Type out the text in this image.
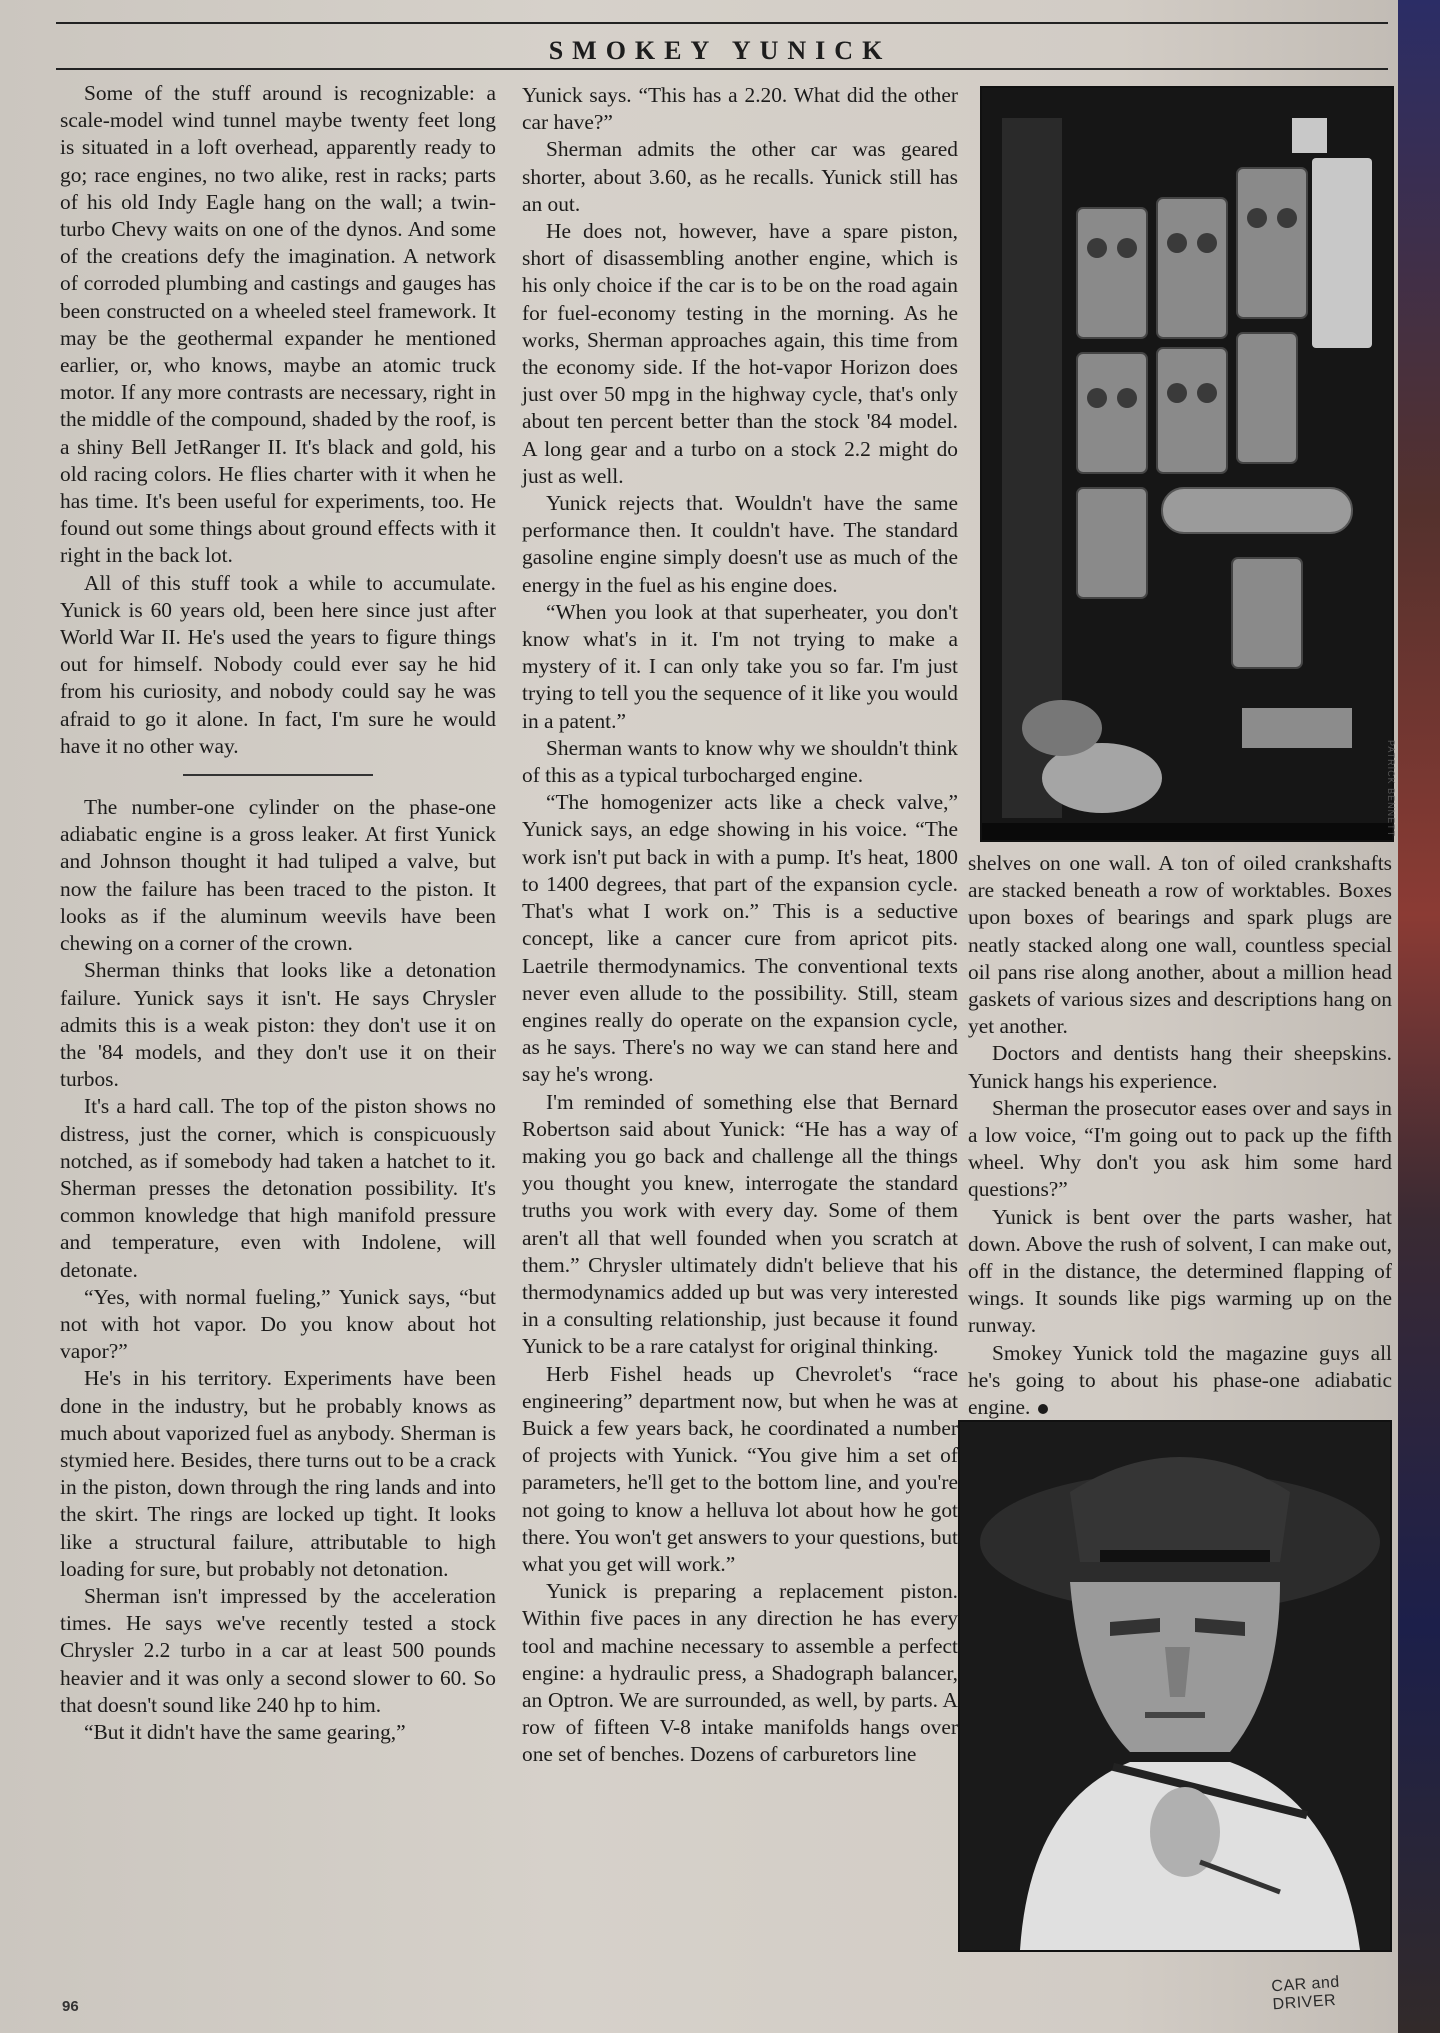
SMOKEY YUNICK

Some of the stuff around is recognizable: a scale-model wind tunnel maybe twenty feet long is situated in a loft overhead, apparently ready to go; race engines, no two alike, rest in racks; parts of his old Indy Eagle hang on the wall; a twin-turbo Chevy waits on one of the dynos. And some of the creations defy the imagination. A network of corroded plumbing and castings and gauges has been constructed on a wheeled steel framework. It may be the geothermal expander he mentioned earlier, or, who knows, maybe an atomic truck motor. If any more contrasts are necessary, right in the middle of the compound, shaded by the roof, is a shiny Bell JetRanger II. It's black and gold, his old racing colors. He flies charter with it when he has time. It's been useful for experiments, too. He found out some things about ground effects with it right in the back lot.

All of this stuff took a while to accumulate. Yunick is 60 years old, been here since just after World War II. He's used the years to figure things out for himself. Nobody could ever say he hid from his curiosity, and nobody could say he was afraid to go it alone. In fact, I'm sure he would have it no other way.

The number-one cylinder on the phase-one adiabatic engine is a gross leaker. At first Yunick and Johnson thought it had tuliped a valve, but now the failure has been traced to the piston. It looks as if the aluminum weevils have been chewing on a corner of the crown.

Sherman thinks that looks like a detonation failure. Yunick says it isn't. He says Chrysler admits this is a weak piston: they don't use it on the '84 models, and they don't use it on their turbos.

It's a hard call. The top of the piston shows no distress, just the corner, which is conspicuously notched, as if somebody had taken a hatchet to it. Sherman presses the detonation possibility. It's common knowledge that high manifold pressure and temperature, even with Indolene, will detonate.

“Yes, with normal fueling,” Yunick says, “but not with hot vapor. Do you know about hot vapor?”

He's in his territory. Experiments have been done in the industry, but he probably knows as much about vaporized fuel as anybody. Sherman is stymied here. Besides, there turns out to be a crack in the piston, down through the ring lands and into the skirt. The rings are locked up tight. It looks like a structural failure, attributable to high loading for sure, but probably not detonation.

Sherman isn't impressed by the acceleration times. He says we've recently tested a stock Chrysler 2.2 turbo in a car at least 500 pounds heavier and it was only a second slower to 60. So that doesn't sound like 240 hp to him.

“But it didn't have the same gearing,”

Yunick says. “This has a 2.20. What did the other car have?”

Sherman admits the other car was geared shorter, about 3.60, as he recalls. Yunick still has an out.

He does not, however, have a spare piston, short of disassembling another engine, which is his only choice if the car is to be on the road again for fuel-economy testing in the morning. As he works, Sherman approaches again, this time from the economy side. If the hot-vapor Horizon does just over 50 mpg in the highway cycle, that's only about ten percent better than the stock '84 model. A long gear and a turbo on a stock 2.2 might do just as well.

Yunick rejects that. Wouldn't have the same performance then. It couldn't have. The standard gasoline engine simply doesn't use as much of the energy in the fuel as his engine does.

“When you look at that superheater, you don't know what's in it. I'm not trying to make a mystery of it. I can only take you so far. I'm just trying to tell you the sequence of it like you would in a patent.”

Sherman wants to know why we shouldn't think of this as a typical turbocharged engine.

“The homogenizer acts like a check valve,” Yunick says, an edge showing in his voice. “The work isn't put back in with a pump. It's heat, 1800 to 1400 degrees, that part of the expansion cycle. That's what I work on.” This is a seductive concept, like a cancer cure from apricot pits. Laetrile thermodynamics. The conventional texts never even allude to the possibility. Still, steam engines really do operate on the expansion cycle, as he says. There's no way we can stand here and say he's wrong.

I'm reminded of something else that Bernard Robertson said about Yunick: “He has a way of making you go back and challenge all the things you thought you knew, interrogate the standard truths you work with every day. Some of them aren't all that well founded when you scratch at them.” Chrysler ultimately didn't believe that his thermodynamics added up but was very interested in a consulting relationship, just because it found Yunick to be a rare catalyst for original thinking.

Herb Fishel heads up Chevrolet's “race engineering” department now, but when he was at Buick a few years back, he coordinated a number of projects with Yunick. “You give him a set of parameters, he'll get to the bottom line, and you're not going to know a helluva lot about how he got there. You won't get answers to your questions, but what you get will work.”

Yunick is preparing a replacement piston. Within five paces in any direction he has every tool and machine necessary to assemble a perfect engine: a hydraulic press, a Shadograph balancer, an Optron. We are surrounded, as well, by parts. A row of fifteen V-8 intake manifolds hangs over one set of benches. Dozens of carburetors line

PATRICK BENNETT

shelves on one wall. A ton of oiled crankshafts are stacked beneath a row of worktables. Boxes upon boxes of bearings and spark plugs are neatly stacked along one wall, countless special oil pans rise along another, about a million head gaskets of various sizes and descriptions hang on yet another.

Doctors and dentists hang their sheepskins. Yunick hangs his experience.

Sherman the prosecutor eases over and says in a low voice, “I'm going out to pack up the fifth wheel. Why don't you ask him some hard questions?”

Yunick is bent over the parts washer, hat down. Above the rush of solvent, I can make out, off in the distance, the determined flapping of wings. It sounds like pigs warming up on the runway.

Smokey Yunick told the magazine guys all he's going to about his phase-one adiabatic engine.

96
CAR and DRIVER
